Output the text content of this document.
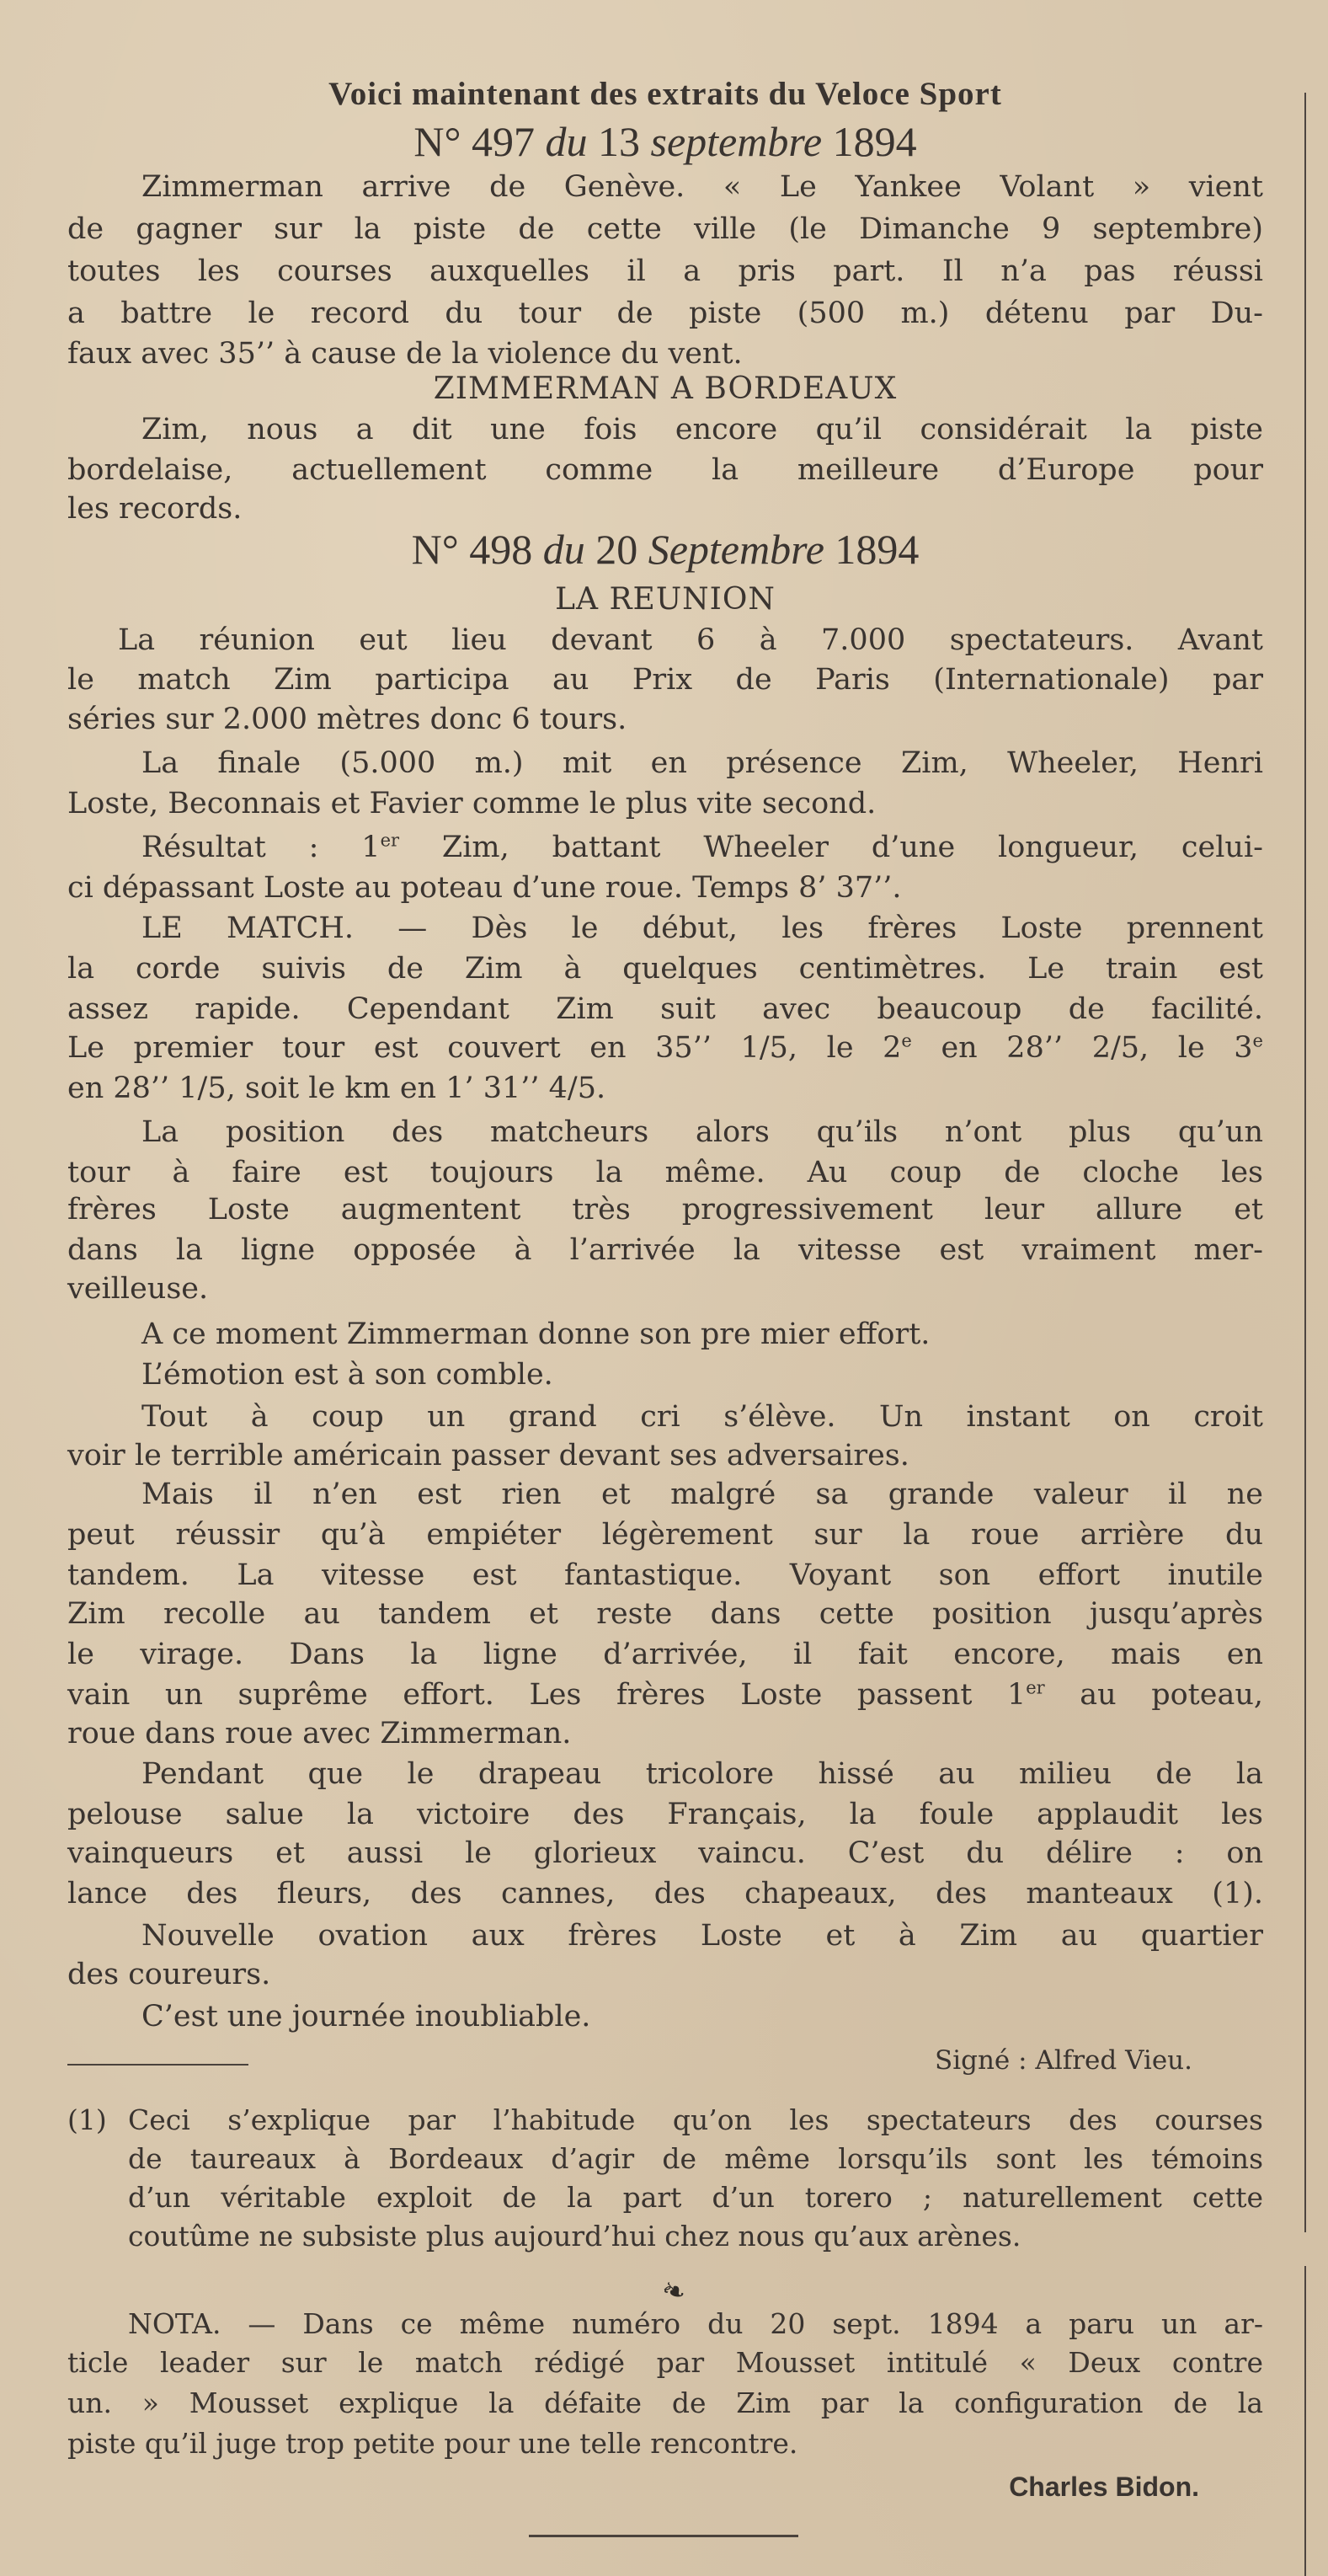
Voici maintenant des extraits du Veloce Sport
N° 497 du 13 septembre 1894
Zimmerman arrive de Genève. « Le Yankee Volant » vient
de gagner sur la piste de cette ville (le Dimanche 9 septembre)
toutes les courses auxquelles il a pris part. Il n’a pas réussi
a battre le record du tour de piste (500 m.) détenu par Du-
faux avec 35’’ à cause de la violence du vent.
ZIMMERMAN A BORDEAUX
Zim, nous a dit une fois encore qu’il considérait la piste
bordelaise, actuellement comme la meilleure d’Europe pour
les records.
N° 498 du 20 Septembre 1894
LA REUNION
La réunion eut lieu devant 6 à 7.000 spectateurs. Avant
le match Zim participa au Prix de Paris (Internationale) par
séries sur 2.000 mètres donc 6 tours.
La finale (5.000 m.) mit en présence Zim, Wheeler, Henri
Loste, Beconnais et Favier comme le plus vite second.
Résultat : 1er Zim, battant Wheeler d’une longueur, celui-
ci dépassant Loste au poteau d’une roue. Temps 8’ 37’’.
LE MATCH. — Dès le début, les frères Loste prennent
la corde suivis de Zim à quelques centimètres. Le train est
assez rapide. Cependant Zim suit avec beaucoup de facilité.
Le premier tour est couvert en 35’’ 1/5, le 2e en 28’’ 2/5, le 3e
en 28’’ 1/5, soit le km en 1’ 31’’ 4/5.
La position des matcheurs alors qu’ils n’ont plus qu’un
tour à faire est toujours la même. Au coup de cloche les
frères Loste augmentent très progressivement leur allure et
dans la ligne opposée à l’arrivée la vitesse est vraiment mer-
veilleuse.
A ce moment Zimmerman donne son pre mier effort.
L’émotion est à son comble.
Tout à coup un grand cri s’élève. Un instant on croit
voir le terrible américain passer devant ses adversaires.
Mais il n’en est rien et malgré sa grande valeur il ne
peut réussir qu’à empiéter légèrement sur la roue arrière du
tandem. La vitesse est fantastique. Voyant son effort inutile
Zim recolle au tandem et reste dans cette position jusqu’après
le virage. Dans la ligne d’arrivée, il fait encore, mais en
vain un suprême effort. Les frères Loste passent 1er au poteau,
roue dans roue avec Zimmerman.
Pendant que le drapeau tricolore hissé au milieu de la
pelouse salue la victoire des Français, la foule applaudit les
vainqueurs et aussi le glorieux vaincu. C’est du délire : on
lance des fleurs, des cannes, des chapeaux, des manteaux (1).
Nouvelle ovation aux frères Loste et à Zim au quartier
des coureurs.
C’est une journée inoubliable.
Signé : Alfred Vieu.
(1) Ceci s’explique par l’habitude qu’on les spectateurs des courses
de taureaux à Bordeaux d’agir de même lorsqu’ils sont les témoins
d’un véritable exploit de la part d’un torero ; naturellement cette
coutûme ne subsiste plus aujourd’hui chez nous qu’aux arènes.
❧
NOTA. — Dans ce même numéro du 20 sept. 1894 a paru un ar-
ticle leader sur le match rédigé par Mousset intitulé « Deux contre
un. » Mousset explique la défaite de Zim par la configuration de la
piste qu’il juge trop petite pour une telle rencontre.
Charles Bidon.
